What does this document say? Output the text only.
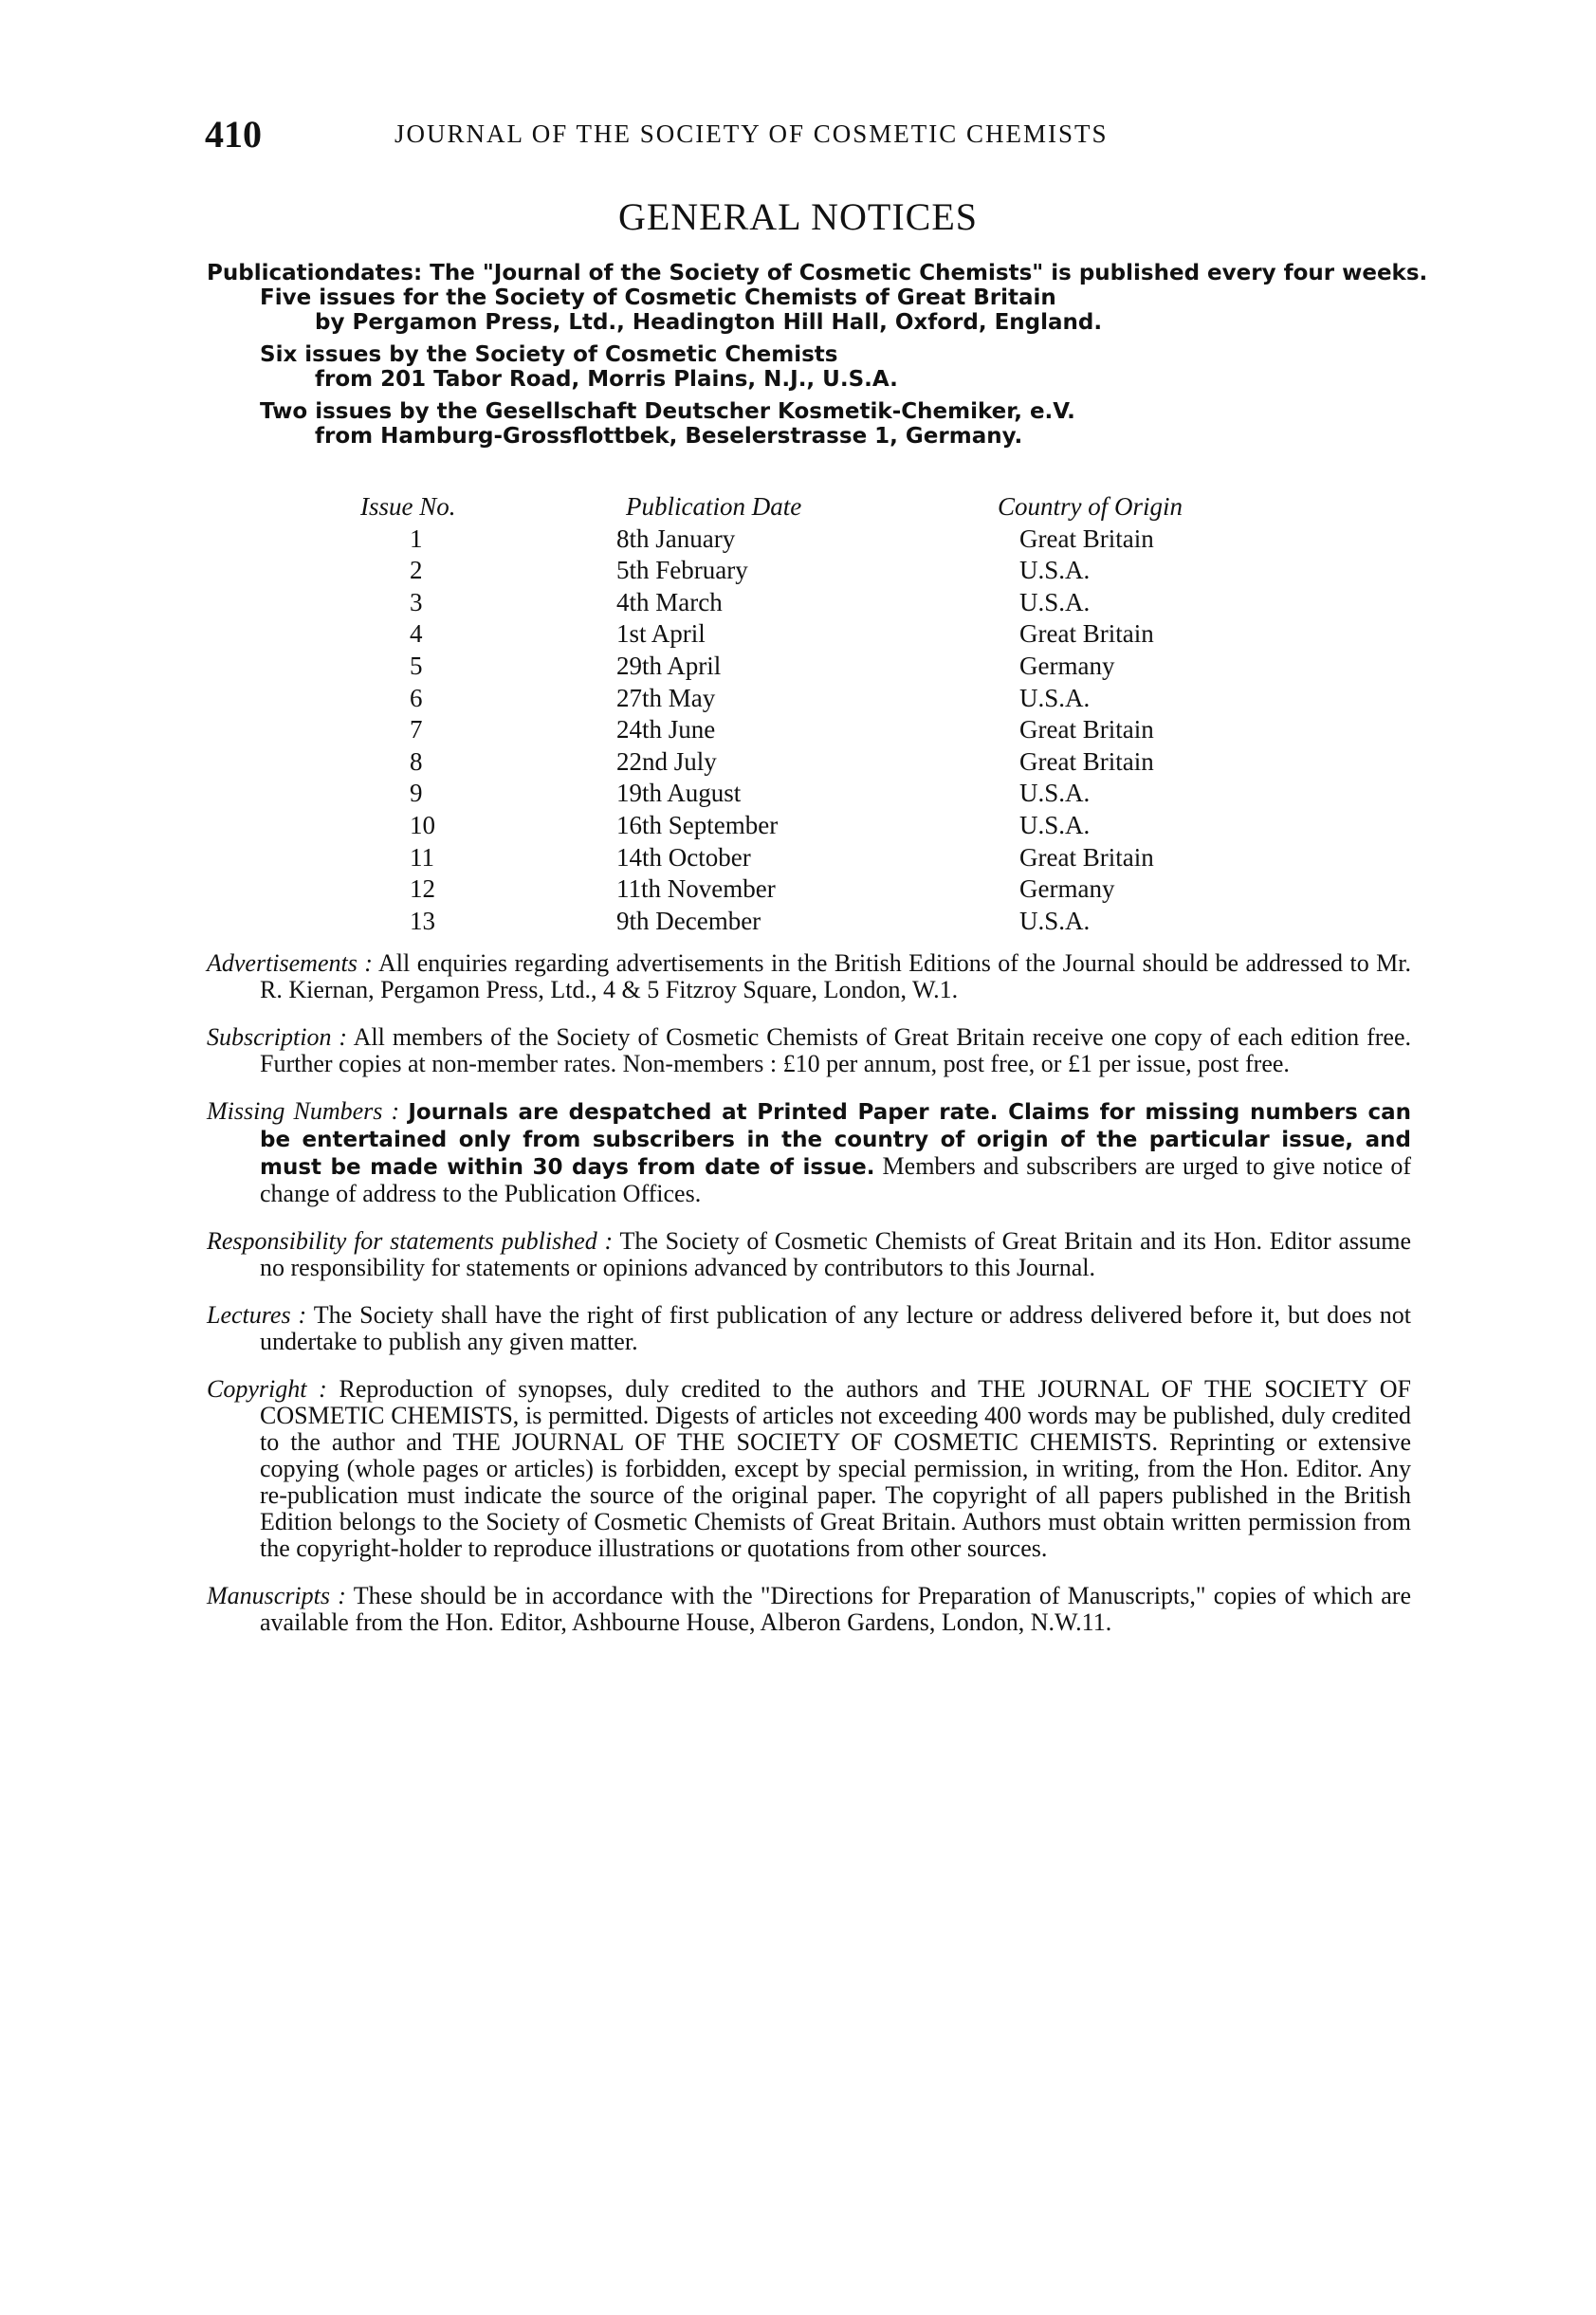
410	JOURNAL OF THE SOCIETY OF COSMETIC CHEMISTS
GENERAL NOTICES
Publicationdates: The "Journal of the Society of Cosmetic Chemists" is published every four weeks.
Five issues for the Society of Cosmetic Chemists of Great Britain
by Pergamon Press, Ltd., Headington Hill Hall, Oxford, England.
Six issues by the Society of Cosmetic Chemists
from 201 Tabor Road, Morris Plains, N.J., U.S.A.
Two issues by the Gesellschaft Deutscher Kosmetik-Chemiker, e.V.
from Hamburg-Grossflottbek, Beselerstrasse 1, Germany.
Issue No.	Publication Date	Country of Origin
1	8th January	Great Britain
2	5th February	U.S.A.
3	4th March	U.S.A.
4	1st April	Great Britain
5	29th April	Germany
6	27th May	U.S.A.
7	24th June	Great Britain
8	22nd July	Great Britain
9	19th August	U.S.A.
10	16th September	U.S.A.
11	14th October	Great Britain
12	11th November	Germany
13	9th December	U.S.A.

Advertisements : All enquiries regarding advertisements in the British Editions of the Journal should be addressed to Mr. R. Kiernan, Pergamon Press, Ltd., 4 & 5 Fitzroy Square, London, W.1.

Subscription : All members of the Society of Cosmetic Chemists of Great Britain receive one copy of each edition free. Further copies at non-member rates. Non-members : £10 per annum, post free, or £1 per issue, post free.

Missing Numbers : Journals are despatched at Printed Paper rate. Claims for missing numbers can be entertained only from subscribers in the country of origin of the particular issue, and must be made within 30 days from date of issue. Members and subscribers are urged to give notice of change of address to the Publication Offices.

Responsibility for statements published : The Society of Cosmetic Chemists of Great Britain and its Hon. Editor assume no responsibility for statements or opinions advanced by contributors to this Journal.

Lectures : The Society shall have the right of first publication of any lecture or address delivered before it, but does not undertake to publish any given matter.

Copyright : Reproduction of synopses, duly credited to the authors and THE JOURNAL OF THE SOCIETY OF COSMETIC CHEMISTS, is permitted. Digests of articles not exceeding 400 words may be published, duly credited to the author and THE JOURNAL OF THE SOCIETY OF COSMETIC CHEMISTS. Reprinting or extensive copying (whole pages or articles) is forbidden, except by special permission, in writing, from the Hon. Editor. Any re-publication must indicate the source of the original paper. The copyright of all papers published in the British Edition belongs to the Society of Cosmetic Chemists of Great Britain. Authors must obtain written permission from the copyright-holder to reproduce illustrations or quotations from other sources.

Manuscripts : These should be in accordance with the "Directions for Preparation of Manuscripts," copies of which are available from the Hon. Editor, Ashbourne House, Alberon Gardens, London, N.W.11.
